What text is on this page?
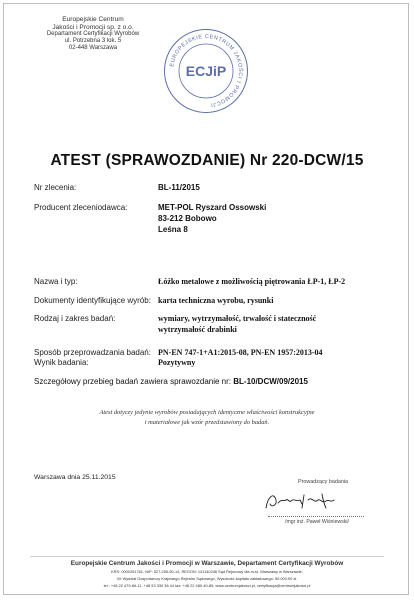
Europejskie Centrum
Jakości i Promocji sp. z o.o.
Departament Certyfikacji Wyrobów
ul. Potrzebna 3 lok. 5
02-448 Warszawa
EUROPEJSKIE CENTRUM JAKOŚCI I PROMOCJI
ECJiP
ATEST (SPRAWOZDANIE) Nr 220-DCW/15
Nr zlecenia:	BL-11/2015
Producent zleceniodawca:	MET-POL Ryszard Ossowski
83-212 Bobowo
Leśna 8
Nazwa i typ:	Łóżko metalowe z możliwością piętrowania ŁP-1, ŁP-2
Dokumenty identyfikujące wyrób: karta techniczna wyrobu, rysunki
Rodzaj i zakres badań:	wymiary, wytrzymałość, trwałość i stateczność
wytrzymałość drabinki
Sposób przeprowadzania badań: PN-EN 747-1+A1:2015-08, PN-EN 1957:2013-04
Wynik badania:	Pozytywny
Szczegółowy przebieg badań zawiera sprawozdanie nr: BL-10/DCW/09/2015
Atest dotyczy jedynie wyrobów posiadających identyczne właściwości konstrukcyjne
i materiałowe jak wzór przedstawiony do badań.
Warszawa dnia 25.11.2015
Prowadzący badania
/mgr inż. Paweł Wiśniewski/
Europejskie Centrum Jakości i Promocji w Warszawie, Departament Certyfikacji Wyrobów
KRS: 0000251761, NIP: 527-255-50-14, REGON: 141140246 Sąd Rejonowy dla m.st. Warszawy w Warszawie,
XII Wydział Gospodarczy Krajowego Rejestru Sądowego, Wysokość kapitału zakładowego: 50.000,00 zł.
tel.: +48 22 479-66-11, +48 53 330 36 44 fax: +48 22 480-40-89, www.centrumjakosci.pl, certyfikacja@centrumjakosci.pl
